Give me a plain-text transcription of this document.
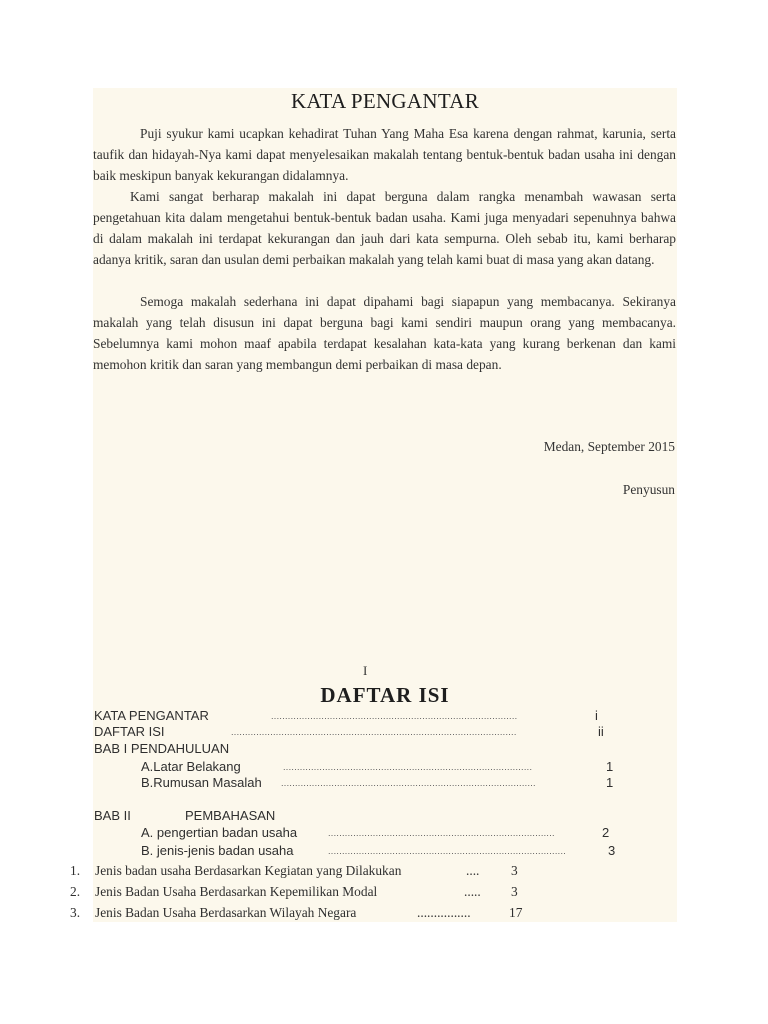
KATA PENGANTAR
Puji syukur kami ucapkan kehadirat Tuhan Yang Maha Esa karena dengan rahmat, karunia, serta taufik dan hidayah-Nya kami dapat menyelesaikan makalah tentang bentuk-bentuk badan usaha ini dengan baik meskipun banyak kekurangan didalamnya.
Kami sangat berharap makalah ini dapat berguna dalam rangka menambah wawasan serta pengetahuan kita dalam mengetahui bentuk-bentuk badan usaha. Kami juga menyadari sepenuhnya bahwa di dalam makalah ini terdapat kekurangan dan jauh dari kata sempurna. Oleh sebab itu, kami berharap adanya kritik, saran dan usulan demi perbaikan makalah yang telah kami buat di masa yang akan datang.
Semoga makalah sederhana ini dapat dipahami bagi siapapun yang membacanya. Sekiranya makalah yang telah disusun ini dapat berguna bagi kami sendiri maupun orang yang membacanya. Sebelumnya kami mohon maaf apabila terdapat kesalahan kata-kata yang kurang berkenan dan kami memohon kritik dan saran yang membangun demi perbaikan di masa depan.
Medan, September 2015
Penyusun
I
DAFTAR ISI
KATA PENGANTAR	........................................................................................	i
DAFTAR ISI	......................................................................................................	ii
BAB I PENDAHULUAN
A.Latar Belakang	.........................................................................................	1
B.Rumusan Masalah ...........................................................................................	1
BAB II	PEMBAHASAN
A. pengertian badan usaha	.................................................................................	2
B. jenis-jenis badan usaha	.....................................................................................	3
1. Jenis badan usaha Berdasarkan Kegiatan yang Dilakukan	.... 3
2. Jenis Badan Usaha Berdasarkan Kepemilikan Modal	..... 3
3. Jenis Badan Usaha Berdasarkan Wilayah Negara	................	17
